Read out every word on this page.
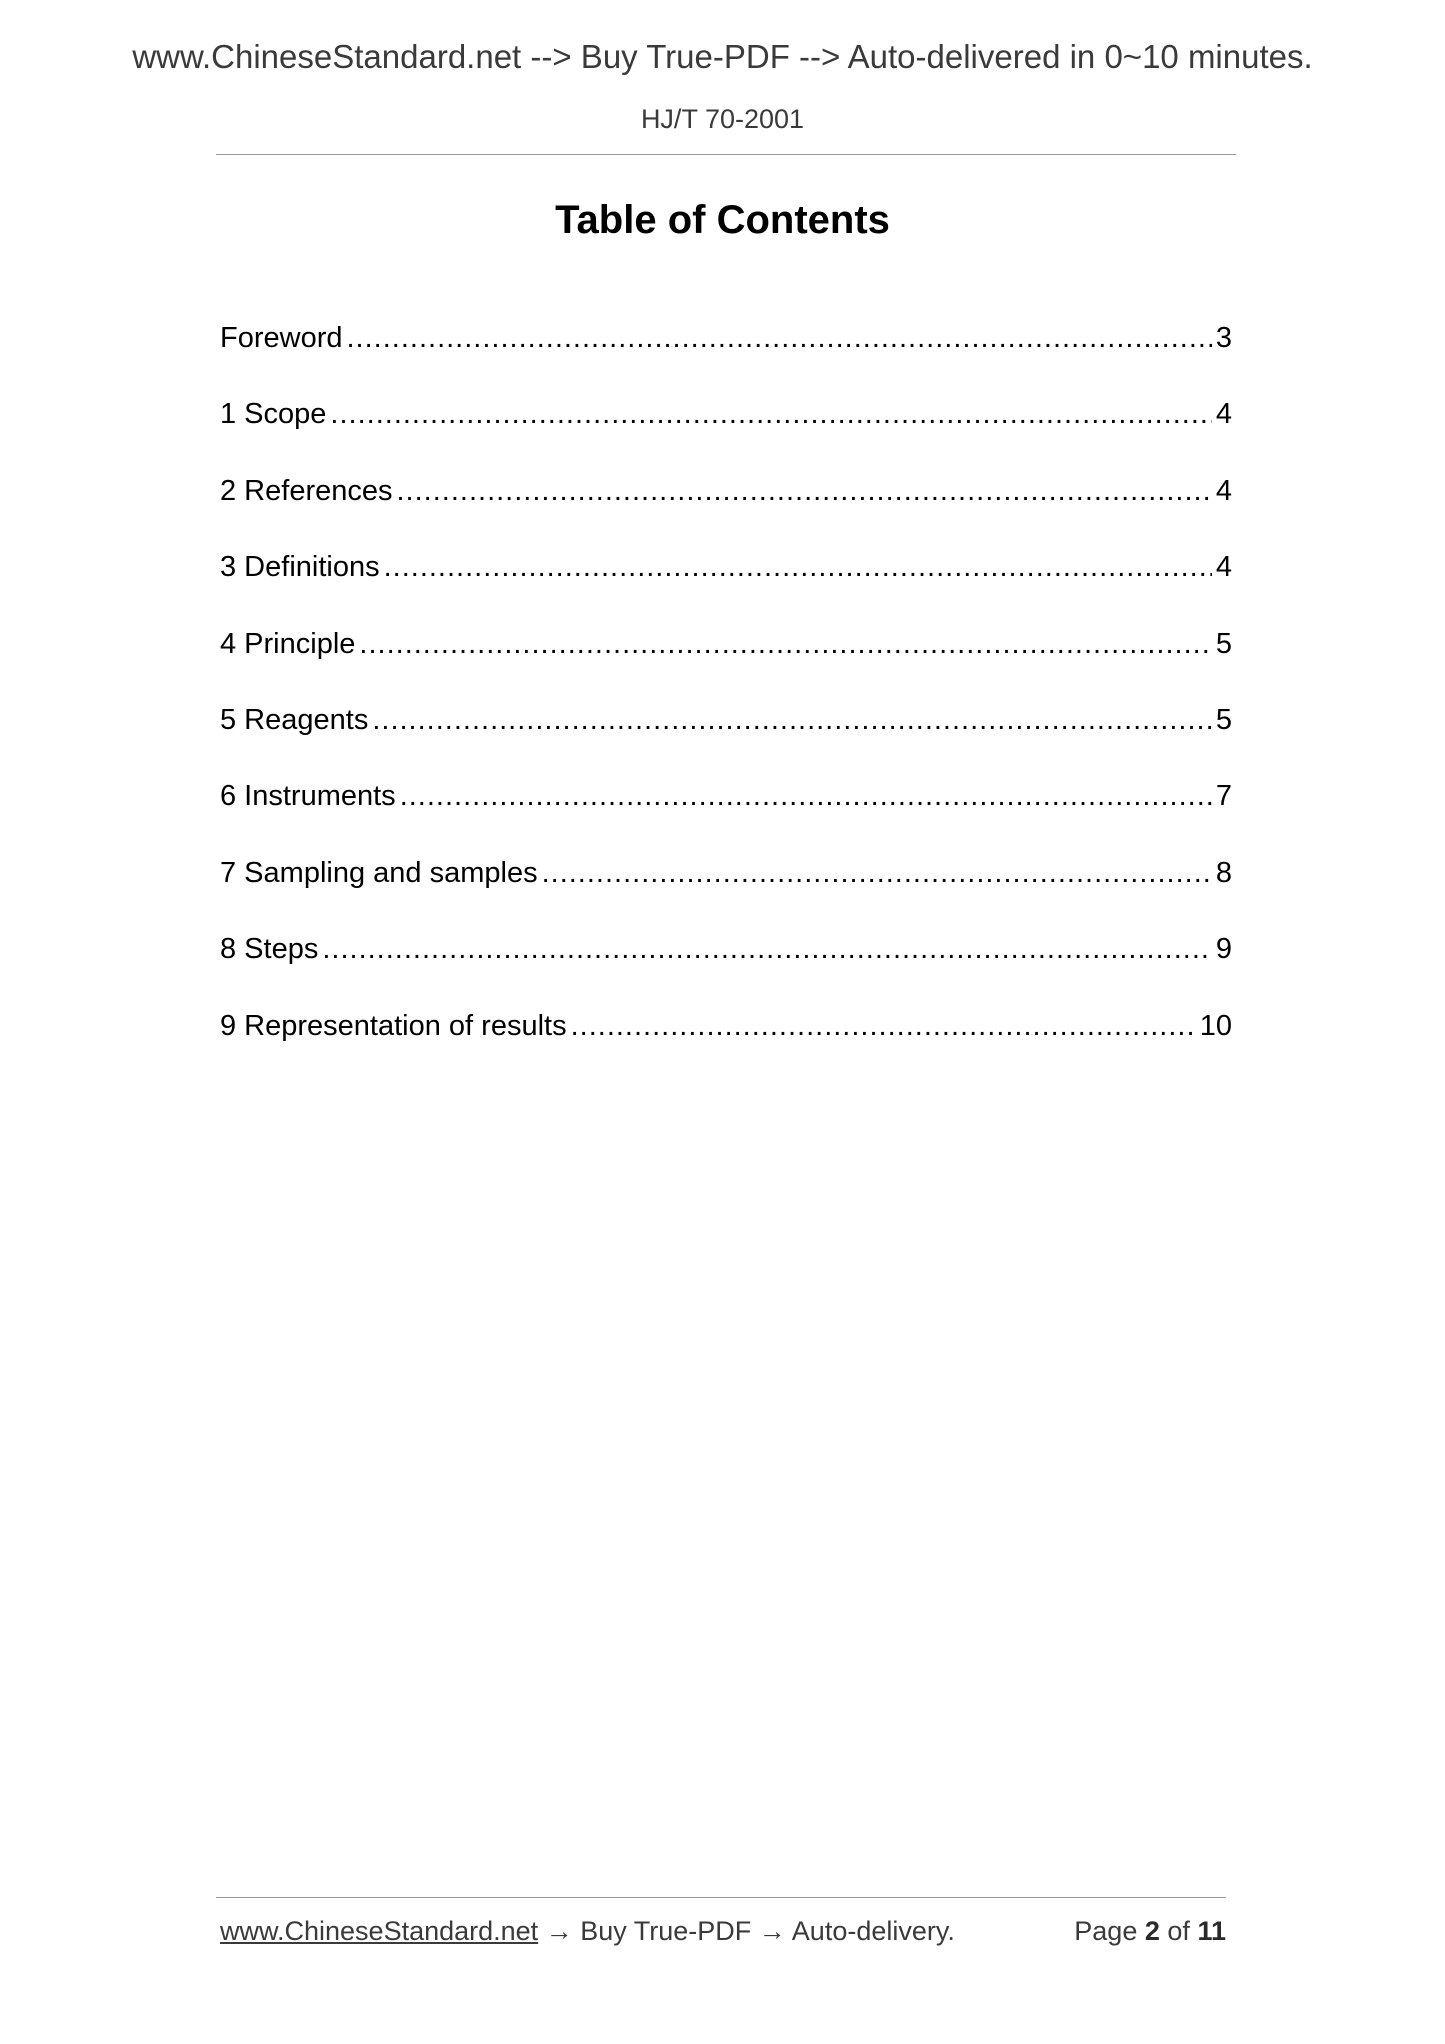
www.ChineseStandard.net --> Buy True-PDF --> Auto-delivered in 0~10 minutes.
HJ/T 70-2001
Table of Contents
Foreword .....	3
1 Scope .....	4
2 References .....	4
3 Definitions .....	4
4 Principle .....	5
5 Reagents .....	5
6 Instruments .....	7
7 Sampling and samples .....	8
8 Steps .....	9
9 Representation of results .....	10
www.ChineseStandard.net → Buy True-PDF → Auto-delivery.	Page 2 of 11
